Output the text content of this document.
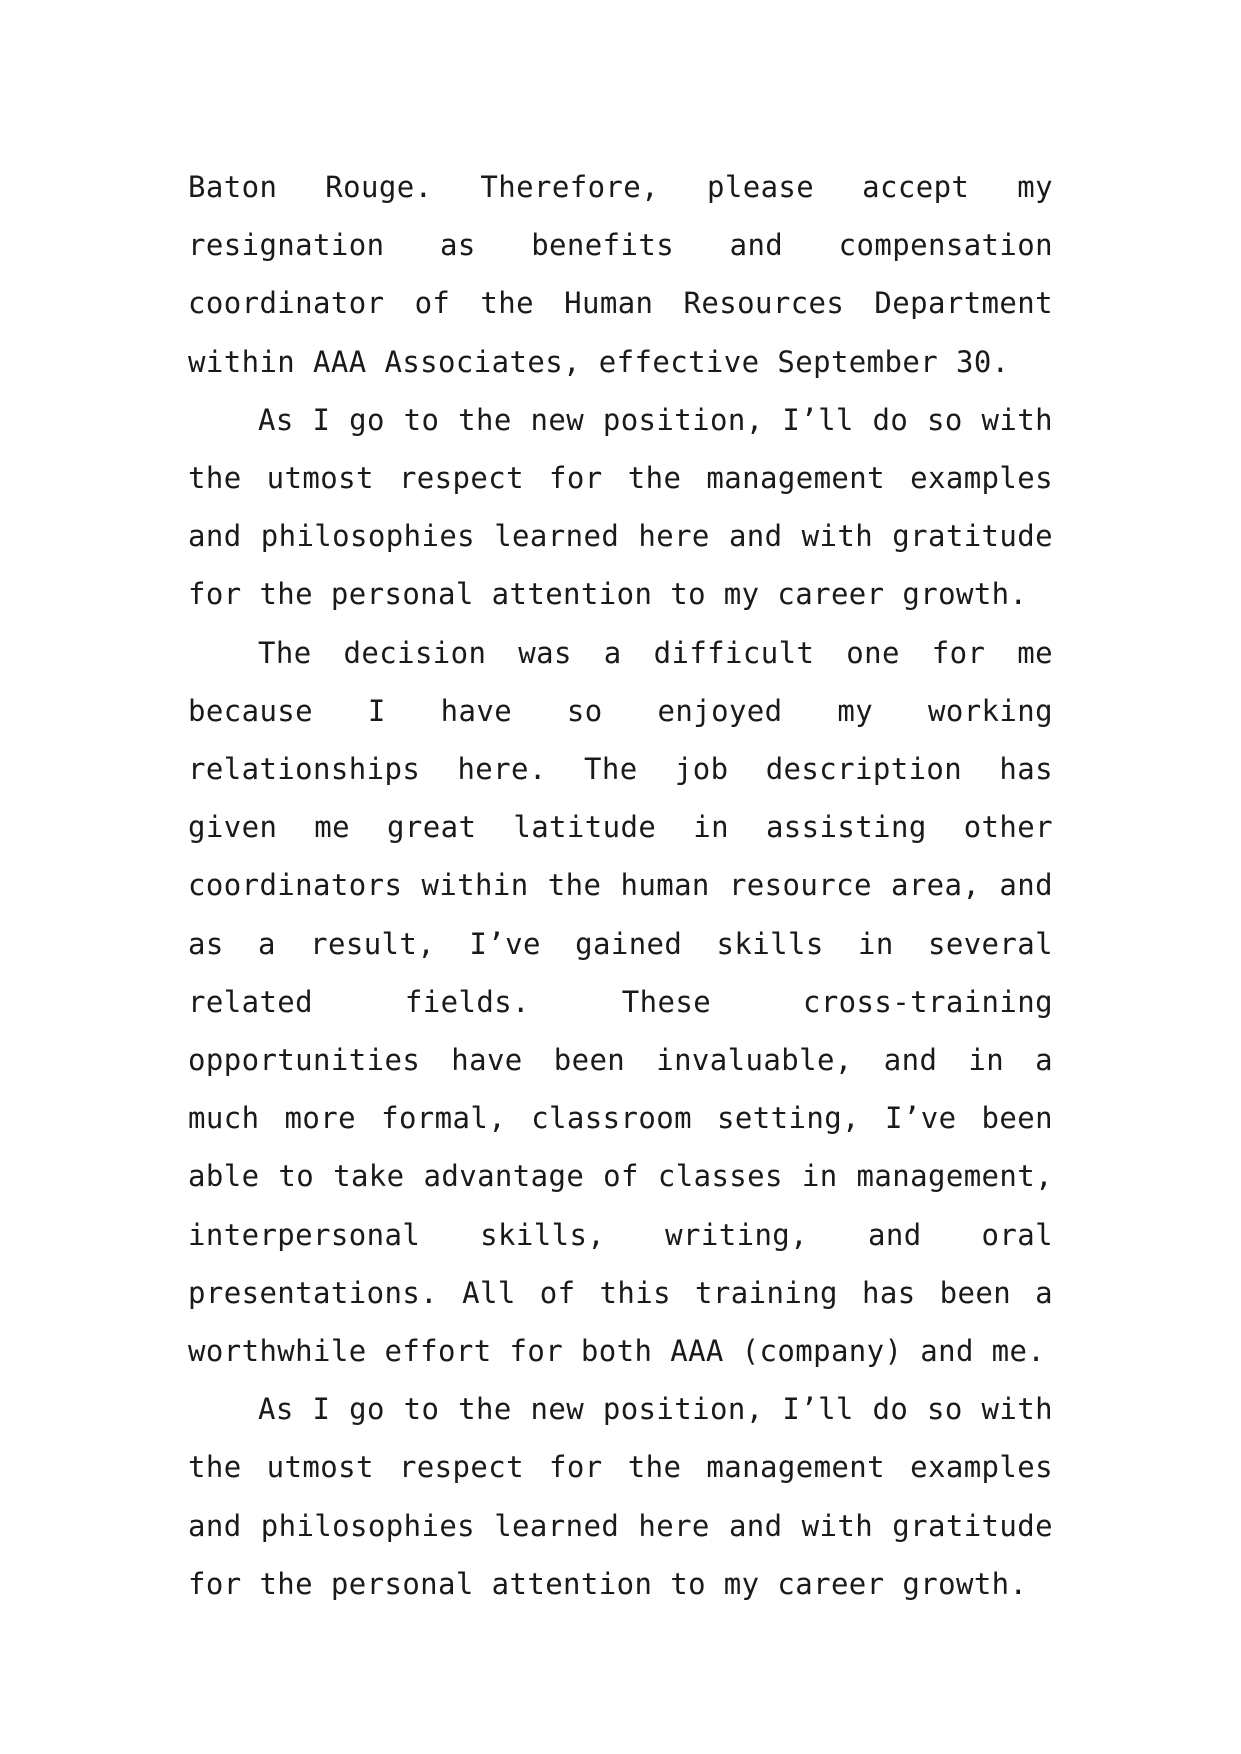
Baton Rouge. Therefore, please accept my resignation as benefits and compensation coordinator of the Human Resources Department within AAA Associates, effective September 30.

As I go to the new position, I’ll do so with the utmost respect for the management examples and philosophies learned here and with gratitude for the personal attention to my career growth.

The decision was a difficult one for me because I have so enjoyed my working relationships here. The job description has given me great latitude in assisting other coordinators within the human resource area, and as a result, I’ve gained skills in several related fields. These cross-training opportunities have been invaluable, and in a much more formal, classroom setting, I’ve been able to take advantage of classes in management, interpersonal skills, writing, and oral presentations. All of this training has been a worthwhile effort for both AAA (company) and me.

As I go to the new position, I’ll do so with the utmost respect for the management examples and philosophies learned here and with gratitude for the personal attention to my career growth.
